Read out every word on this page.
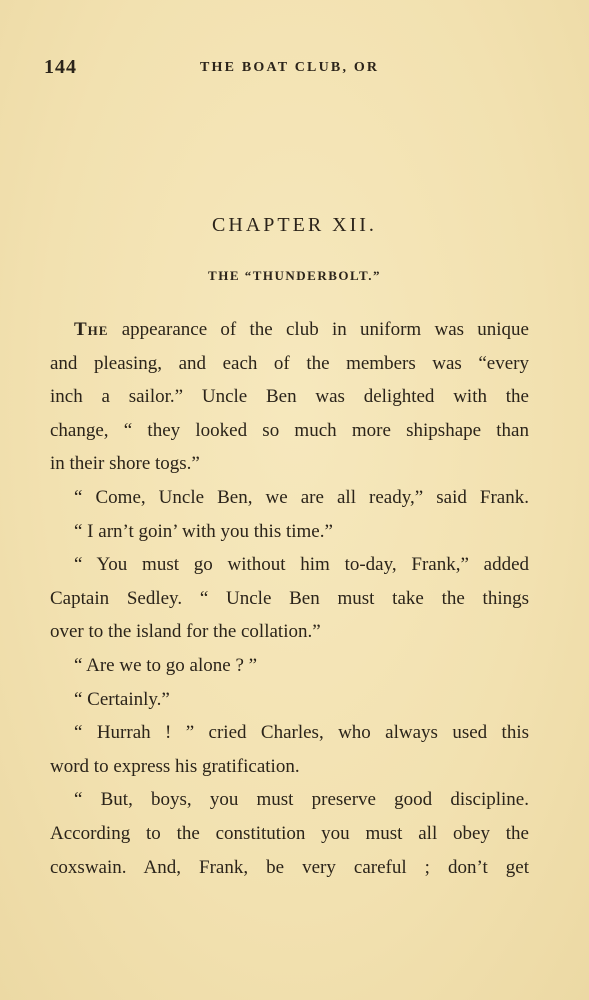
144	THE BOAT CLUB, OR
CHAPTER XII.
THE “THUNDERBOLT.”
The appearance of the club in uniform was unique
and pleasing, and each of the members was “every
inch a sailor.” Uncle Ben was delighted with the
change, “ they looked so much more shipshape than
in their shore togs.”
“ Come, Uncle Ben, we are all ready,” said Frank.
“ I arn’t goin’ with you this time.”
“ You must go without him to-day, Frank,” added
Captain Sedley. “ Uncle Ben must take the things
over to the island for the collation.”
“ Are we to go alone ? ”
“ Certainly.”
“ Hurrah ! ” cried Charles, who always used this
word to express his gratification.
“ But, boys, you must preserve good discipline.
According to the constitution you must all obey the
coxswain. And, Frank, be very careful ; don’t get
